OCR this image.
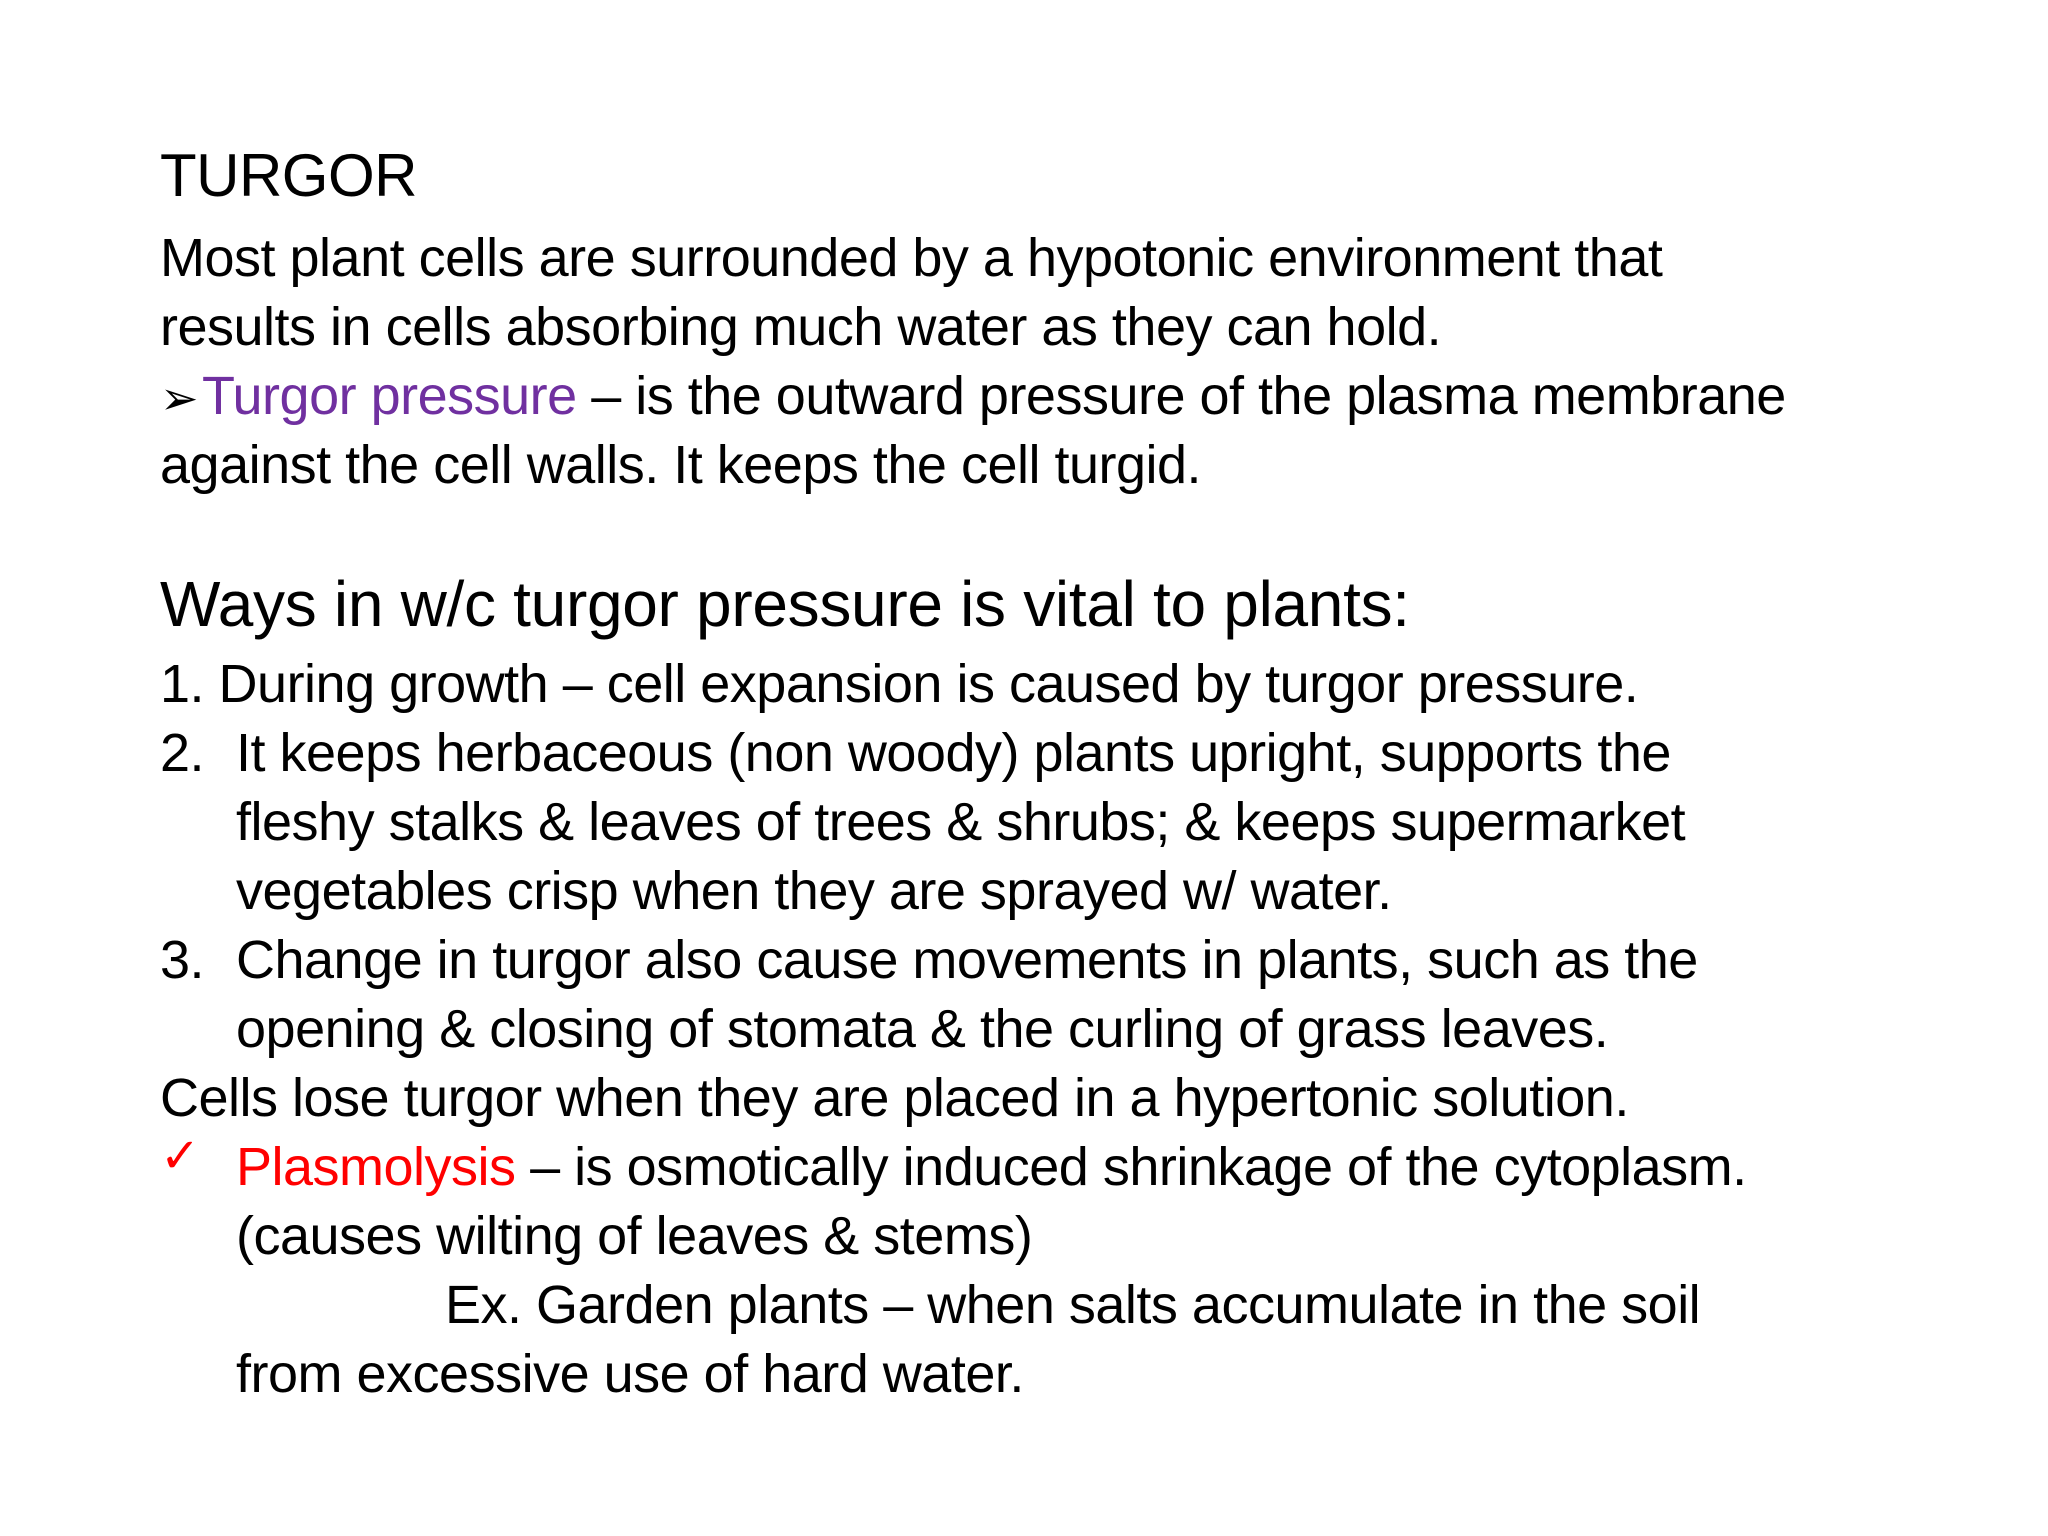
TURGOR
Most plant cells are surrounded by a hypotonic environment that
results in cells absorbing much water as they can hold.
➢Turgor pressure – is the outward pressure of the plasma membrane
against the cell walls. It keeps the cell turgid.
Ways in w/c turgor pressure is vital to plants:
1. During growth – cell expansion is caused by turgor pressure.
2. It keeps herbaceous (non woody) plants upright, supports the
fleshy stalks & leaves of trees & shrubs; & keeps supermarket
vegetables crisp when they are sprayed w/ water.
3. Change in turgor also cause movements in plants, such as the
opening & closing of stomata & the curling of grass leaves.
Cells lose turgor when they are placed in a hypertonic solution.
✓ Plasmolysis – is osmotically induced shrinkage of the cytoplasm.
(causes wilting of leaves & stems)
Ex. Garden plants – when salts accumulate in the soil
from excessive use of hard water.
